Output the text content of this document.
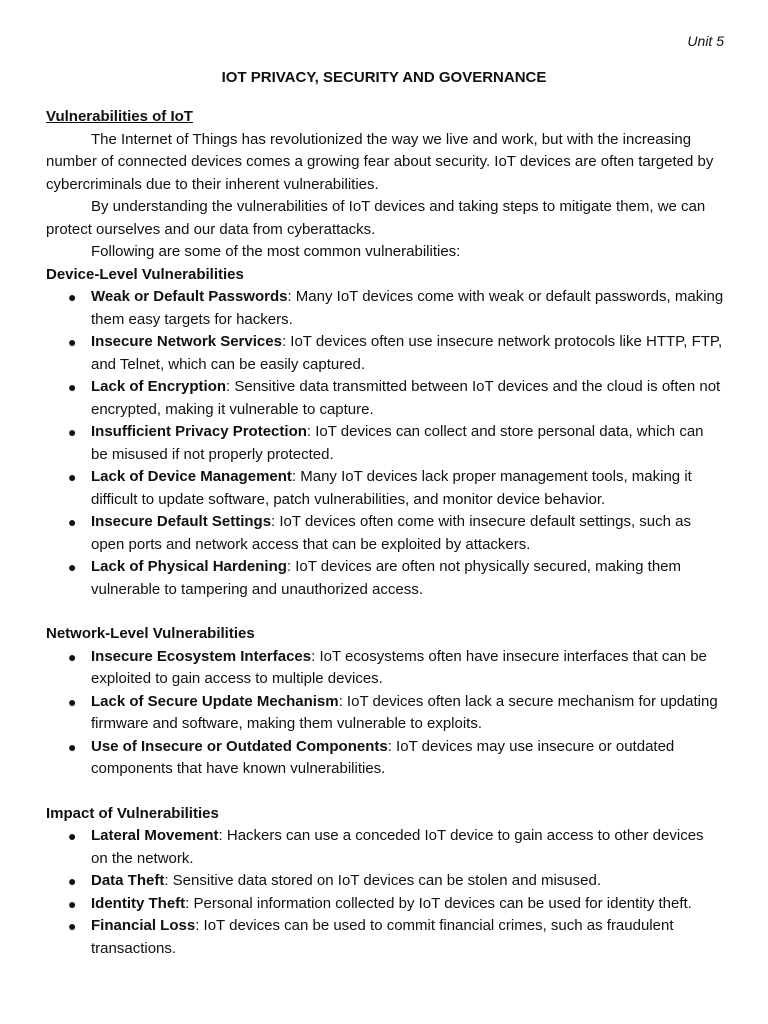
Unit 5
IOT PRIVACY, SECURITY AND GOVERNANCE

Vulnerabilities of IoT

The Internet of Things has revolutionized the way we live and work, but with the increasing number of connected devices comes a growing fear about security. IoT devices are often targeted by cybercriminals due to their inherent vulnerabilities.

By understanding the vulnerabilities of IoT devices and taking steps to mitigate them, we can protect ourselves and our data from cyberattacks.

Following are some of the most common vulnerabilities:

Device-Level Vulnerabilities

● Weak or Default Passwords: Many IoT devices come with weak or default passwords, making them easy targets for hackers.
● Insecure Network Services: IoT devices often use insecure network protocols like HTTP, FTP, and Telnet, which can be easily captured.
● Lack of Encryption: Sensitive data transmitted between IoT devices and the cloud is often not encrypted, making it vulnerable to capture.
● Insufficient Privacy Protection: IoT devices can collect and store personal data, which can be misused if not properly protected.
● Lack of Device Management: Many IoT devices lack proper management tools, making it difficult to update software, patch vulnerabilities, and monitor device behavior.
● Insecure Default Settings: IoT devices often come with insecure default settings, such as open ports and network access that can be exploited by attackers.
● Lack of Physical Hardening: IoT devices are often not physically secured, making them vulnerable to tampering and unauthorized access.

Network-Level Vulnerabilities

● Insecure Ecosystem Interfaces: IoT ecosystems often have insecure interfaces that can be exploited to gain access to multiple devices.
● Lack of Secure Update Mechanism: IoT devices often lack a secure mechanism for updating firmware and software, making them vulnerable to exploits.
● Use of Insecure or Outdated Components: IoT devices may use insecure or outdated components that have known vulnerabilities.

Impact of Vulnerabilities

● Lateral Movement: Hackers can use a conceded IoT device to gain access to other devices on the network.
● Data Theft: Sensitive data stored on IoT devices can be stolen and misused.
● Identity Theft: Personal information collected by IoT devices can be used for identity theft.
● Financial Loss: IoT devices can be used to commit financial crimes, such as fraudulent transactions.
